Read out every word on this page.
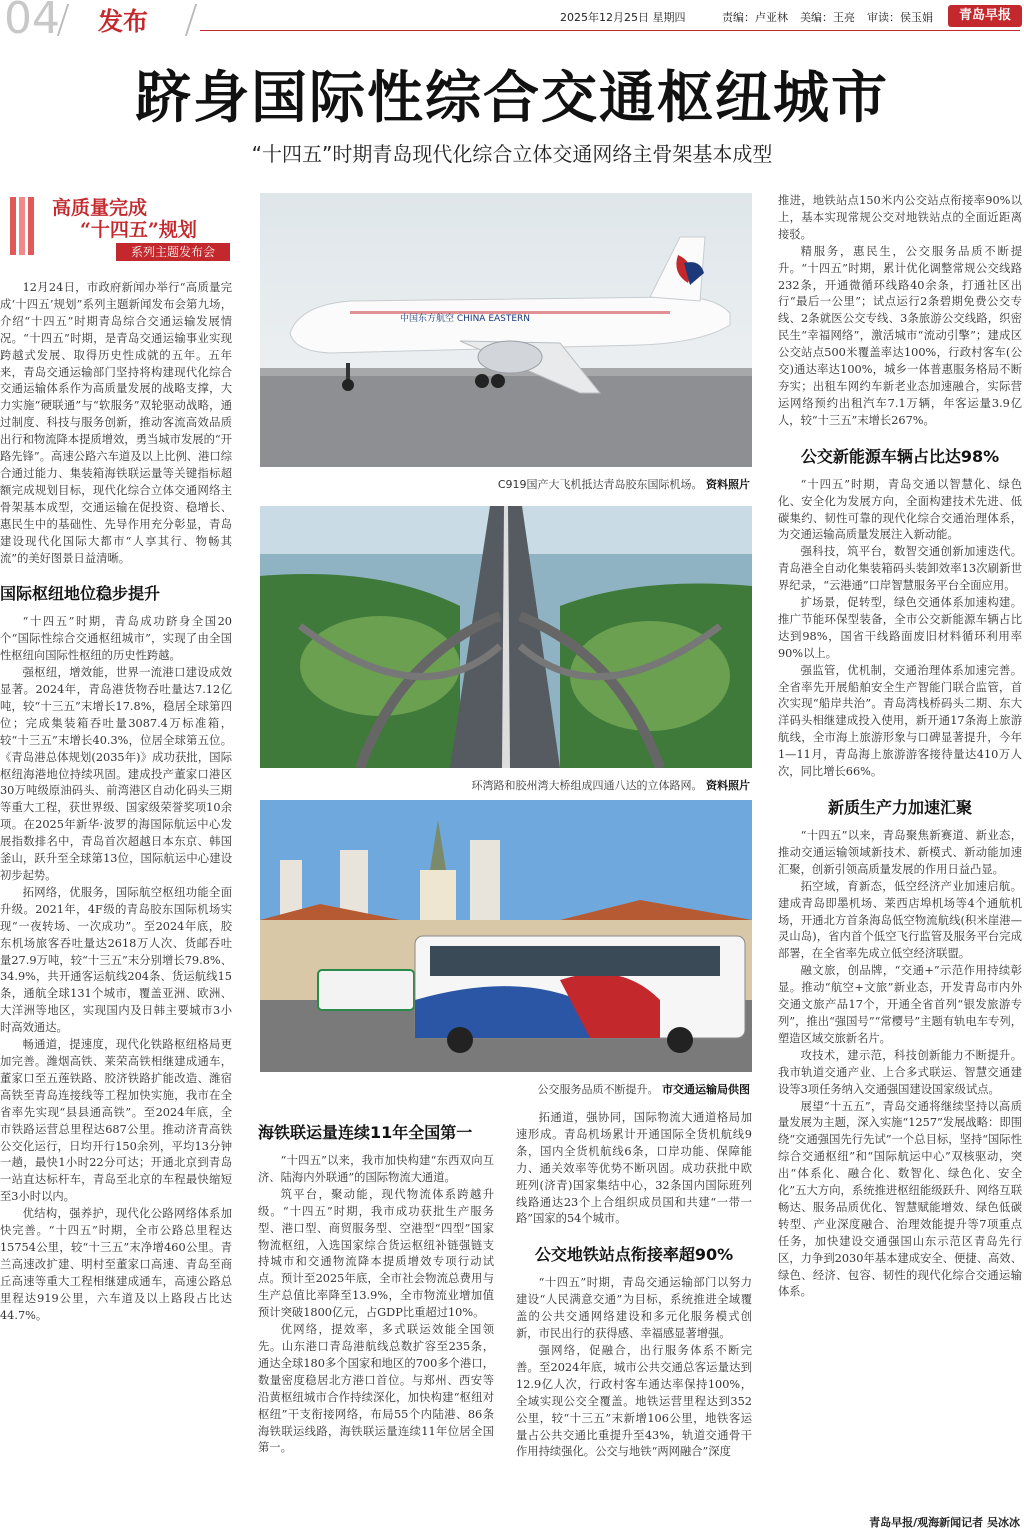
04 发布	2025年12月25日 星期四	责编：卢亚林 美编：王亮 审读：侯玉娟	青岛早报
跻身国际性综合交通枢纽城市
“十四五”时期青岛现代化综合立体交通网络主骨架基本成型
高质量完成
“十四五”规划
系列主题发布会

12月24日，市政府新闻办举行“高质量完成‘十四五’规划”系列主题新闻发布会第九场，介绍“十四五”时期青岛综合交通运输发展情况。“十四五”时期，是青岛交通运输事业实现跨越式发展、取得历史性成就的五年。五年来，青岛交通运输部门坚持将构建现代化综合交通运输体系作为高质量发展的战略支撑，大力实施“硬联通”与“软服务”双轮驱动战略，通过制度、科技与服务创新，推动客流高效品质出行和物流降本提质增效，勇当城市发展的“开路先锋”。高速公路六车道及以上比例、港口综合通过能力、集装箱海铁联运量等关键指标超额完成规划目标，现代化综合立体交通网络主骨架基本成型，交通运输在促投资、稳增长、惠民生中的基础性、先导作用充分彰显，青岛建设现代化国际大都市“人享其行、物畅其流”的美好图景日益清晰。

国际枢纽地位稳步提升

“十四五”时期，青岛成功跻身全国20个“国际性综合交通枢纽城市”，实现了由全国性枢纽向国际性枢纽的历史性跨越。

强枢纽，增效能，世界一流港口建设成效显著。2024年，青岛港货物吞吐量达7.12亿吨，较“十三五”末增长17.8%，稳居全球第四位；完成集装箱吞吐量3087.4万标准箱，较“十三五”末增长40.3%，位居全球第五位。《青岛港总体规划(2035年)》成功获批，国际枢纽海港地位持续巩固。建成投产董家口港区30万吨级原油码头、前湾港区自动化码头三期等重大工程，获世界级、国家级荣誉奖项10余项。在2025年新华·波罗的海国际航运中心发展指数排名中，青岛首次超越日本东京、韩国釜山，跃升至全球第13位，国际航运中心建设初步起势。

拓网络，优服务，国际航空枢纽功能全面升级。2021年，4F级的青岛胶东国际机场实现“一夜转场、一次成功”。至2024年底，胶东机场旅客吞吐量达2618万人次、货邮吞吐量27.9万吨，较“十三五”末分别增长79.8%、34.9%，共开通客运航线204条、货运航线15条，通航全球131个城市，覆盖亚洲、欧洲、大洋洲等地区，实现国内及日韩主要城市3小时高效通达。

畅通道，提速度，现代化铁路枢纽格局更加完善。潍烟高铁、莱荣高铁相继建成通车，董家口至五莲铁路、胶济铁路扩能改造、潍宿高铁至青岛连接线等工程加快实施，我市在全省率先实现“县县通高铁”。至2024年底，全市铁路运营总里程达687公里。推动济青高铁公交化运行，日均开行150余列，平均13分钟一趟，最快1小时22分可达；开通北京到青岛一站直达标杆车，青岛至北京的车程最快缩短至3小时以内。

优结构，强养护，现代化公路网络体系加快完善。“十四五”时期，全市公路总里程达15754公里，较“十三五”末净增460公里。青兰高速改扩建、明村至董家口高速、青岛至商丘高速等重大工程相继建成通车，高速公路总里程达919公里，六车道及以上路段占比达44.7%。

中国东方航空 CHINA EASTERN
C919国产大飞机抵达青岛胶东国际机场。 资料照片
环湾路和胶州湾大桥组成四通八达的立体路网。 资料照片
公交服务品质不断提升。 市交通运输局供图

海铁联运量连续11年全国第一

“十四五”以来，我市加快构建“东西双向互济、陆海内外联通”的国际物流大通道。

筑平台，聚动能，现代物流体系跨越升级。“十四五”时期，我市成功获批生产服务型、港口型、商贸服务型、空港型“四型”国家物流枢纽，入选国家综合货运枢纽补链强链支持城市和交通物流降本提质增效专项行动试点。预计至2025年底，全市社会物流总费用与生产总值比率降至13.9%，全市物流业增加值预计突破1800亿元，占GDP比重超过10%。

优网络，提效率，多式联运效能全国领先。山东港口青岛港航线总数扩容至235条，通达全球180多个国家和地区的700多个港口，数量密度稳居北方港口首位。与郑州、西安等沿黄枢纽城市合作持续深化，加快构建“枢纽对枢纽”干支衔接网络，布局55个内陆港、86条海铁联运线路，海铁联运量连续11年位居全国第一。

拓通道，强协同，国际物流大通道格局加速形成。青岛机场累计开通国际全货机航线9条，国内全货机航线6条，口岸功能、保障能力、通关效率等优势不断巩固。成功获批中欧班列(济青)国家集结中心，32条国内国际班列线路通达23个上合组织成员国和共建“一带一路”国家的54个城市。

公交地铁站点衔接率超90%

“十四五”时期，青岛交通运输部门以努力建设“人民满意交通”为目标，系统推进全域覆盖的公共交通网络建设和多元化服务模式创新，市民出行的获得感、幸福感显著增强。

强网络，促融合，出行服务体系不断完善。至2024年底，城市公共交通总客运量达到12.9亿人次，行政村客车通达率保持100%，全域实现公交全覆盖。地铁运营里程达到352公里，较“十三五”末新增106公里，地铁客运量占公共交通比重提升至43%，轨道交通骨干作用持续强化。公交与地铁“两网融合”深度

推进，地铁站点150米内公交站点衔接率90%以上，基本实现常规公交对地铁站点的全面近距离接驳。

精服务，惠民生，公交服务品质不断提升。“十四五”时期，累计优化调整常规公交线路232条，开通微循环线路40余条，打通社区出行“最后一公里”；试点运行2条碧期免费公交专线、2条就医公交专线、3条旅游公交线路，织密民生“幸福网络”，激活城市“流动引擎”；建成区公交站点500米覆盖率达100%，行政村客车(公交)通达率达100%，城乡一体普惠服务格局不断夯实；出租车网约车新老业态加速融合，实际营运网络预约出租汽车7.1万辆，年客运量3.9亿人，较“十三五”末增长267%。

公交新能源车辆占比达98%

“十四五”时期，青岛交通以智慧化、绿色化、安全化为发展方向，全面构建技术先进、低碳集约、韧性可靠的现代化综合交通治理体系，为交通运输高质量发展注入新动能。

强科技，筑平台，数智交通创新加速迭代。青岛港全自动化集装箱码头装卸效率13次刷新世界纪录，“云港通”口岸智慧服务平台全面应用。

扩场景，促转型，绿色交通体系加速构建。推广节能环保型装备，全市公交新能源车辆占比达到98%，国省干线路面废旧材料循环利用率90%以上。

强监管，优机制，交通治理体系加速完善。全省率先开展船舶安全生产智能门联合监管，首次实现“船岸共治”。青岛湾栈桥码头二期、东大洋码头相继建成投入使用，新开通17条海上旅游航线，全市海上旅游形象与口碑显著提升，今年1—11月，青岛海上旅游游客接待量达410万人次，同比增长66%。

新质生产力加速汇聚

“十四五”以来，青岛聚焦新赛道、新业态，推动交通运输领域新技术、新模式、新动能加速汇聚，创新引领高质量发展的作用日益凸显。

拓空域，育新态，低空经济产业加速启航。建成青岛即墨机场、莱西店埠机场等4个通航机场，开通北方首条海岛低空物流航线(积米崖港—灵山岛)，省内首个低空飞行监管及服务平台完成部署，在全省率先成立低空经济联盟。

融文旅，创品牌，“交通+”示范作用持续彰显。推动“航空+文旅”新业态，开发青岛市内外交通文旅产品17个，开通全省首列“银发旅游专列”，推出“强国号”“常樱号”主题有轨电车专列，塑造区域交旅新名片。

攻技术，建示范，科技创新能力不断提升。我市轨道交通产业、上合多式联运、智慧交通建设等3项任务纳入交通强国建设国家级试点。

展望“十五五”，青岛交通将继续坚持以高质量发展为主题，深入实施“1257”发展战略：即围绕“交通强国先行先试”一个总目标，坚持“国际性综合交通枢纽”和“国际航运中心”双核驱动，突出“体系化、融合化、数智化、绿色化、安全化”五大方向，系统推进枢纽能级跃升、网络互联畅达、服务品质优化、智慧赋能增效、绿色低碳转型、产业深度融合、治理效能提升等7项重点任务，加快建设交通强国山东示范区青岛先行区，力争到2030年基本建成安全、便捷、高效、绿色、经济、包容、韧性的现代化综合交通运输体系。

青岛早报/观海新闻记者 吴冰冰
